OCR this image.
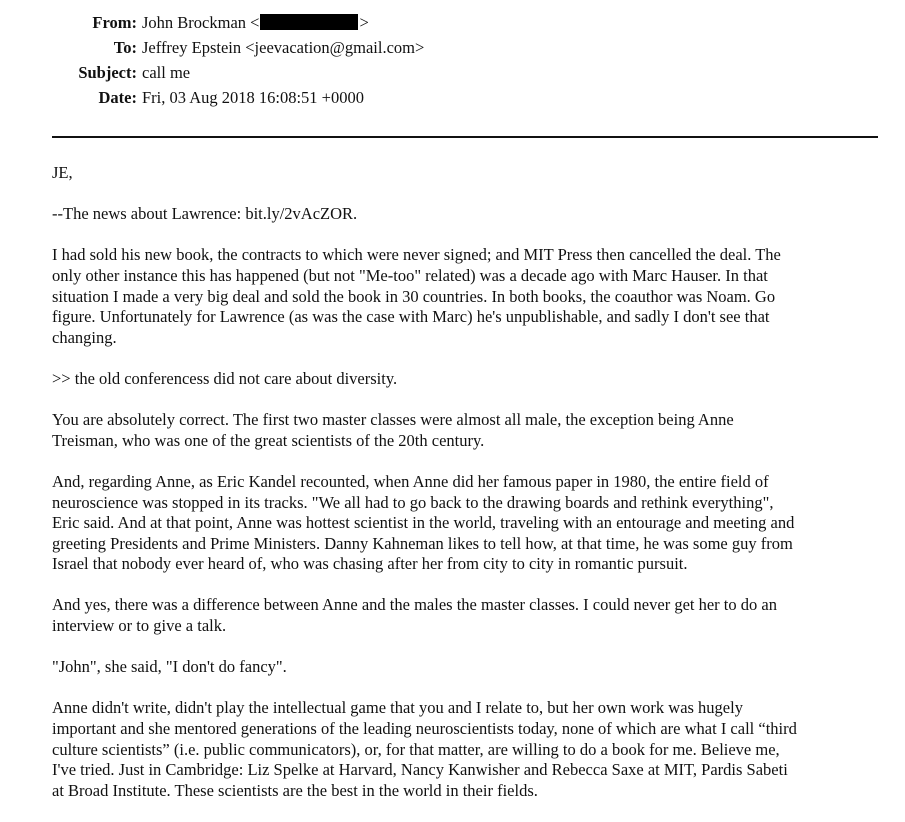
From: John Brockman <	>
To: Jeffrey Epstein <jeevacation@gmail.com>
Subject: call me
Date: Fri, 03 Aug 2018 16:08:51 +0000

JE,

--The news about Lawrence: bit.ly/2vAcZOR.

I had sold his new book, the contracts to which were never signed; and MIT Press then cancelled the deal. The
only other instance this has happened (but not "Me-too" related) was a decade ago with Marc Hauser. In that
situation I made a very big deal and sold the book in 30 countries. In both books, the coauthor was Noam. Go
figure. Unfortunately for Lawrence (as was the case with Marc) he's unpublishable, and sadly I don't see that
changing.

>> the old conferencess did not care about diversity.

You are absolutely correct. The first two master classes were almost all male, the exception being Anne
Treisman, who was one of the great scientists of the 20th century.

And, regarding Anne, as Eric Kandel recounted, when Anne did her famous paper in 1980, the entire field of
neuroscience was stopped in its tracks. "We all had to go back to the drawing boards and rethink everything",
Eric said. And at that point, Anne was hottest scientist in the world, traveling with an entourage and meeting and
greeting Presidents and Prime Ministers. Danny Kahneman likes to tell how, at that time, he was some guy from
Israel that nobody ever heard of, who was chasing after her from city to city in romantic pursuit.

And yes, there was a difference between Anne and the males the master classes. I could never get her to do an
interview or to give a talk.

"John", she said, "I don't do fancy".

Anne didn't write, didn't play the intellectual game that you and I relate to, but her own work was hugely
important and she mentored generations of the leading neuroscientists today, none of which are what I call “third
culture scientists” (i.e. public communicators), or, for that matter, are willing to do a book for me. Believe me,
I've tried. Just in Cambridge: Liz Spelke at Harvard, Nancy Kanwisher and Rebecca Saxe at MIT, Pardis Sabeti
at Broad Institute. These scientists are the best in the world in their fields.
